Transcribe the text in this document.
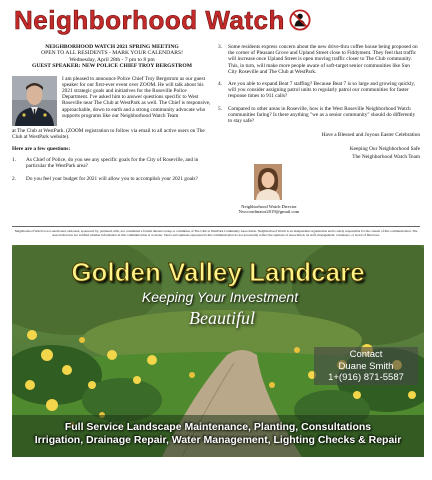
Neighborhood Watch
NEIGHBORHOOD WATCH 2021 SPRING MEETING
OPEN TO ALL RESIDENTS - MARK YOUR CALENDARS!
Wednesday, April 28th - 7 pm to 8 pm
GUEST SPEAKER: NEW POLICE CHIEF TROY BERGSTROM

I am pleased to announce Police Chief Troy Bergstrom as our guest speaker for our first-ever event over ZOOM. He will talk about his 2021 strategic goals and initiatives for the Roseville Police Department. I've asked him to answer questions specific to West Roseville near The Club at WestPark as well. The Chief is responsive, approachable, down to earth and a strong community advocate who supports programs like our Neighborhood Watch Team

at The Club at WestPark. (ZOOM registration to follow via email to all active users on The Club at WestPark website).

Here are a few questions:
1.	As Chief of Police, do you see any specific goals for the City of Roseville, and in particular the WestPark area?
2.	Do you feel your budget for 2021 will allow you to accomplish your 2021 goals?
3.	Some residents express concern about the new drive-thru coffee house being proposed on the corner of Pleasant Grove and Upland Street close to Fiddyment. They feel that traffic will increase once Upland Street is open moving traffic closer to The Club community. This, in turn, will make more people aware of soft-target senior communities like Sun City Roseville and The Club at WestPark.
4.	Are you able to expand Beat 7 staffing? Because Beat 7 is so large and growing quickly, will you consider assigning patrol units to regularly patrol our communities for faster response times to 911 calls?
5.	Compared to other areas in Roseville, how is the West Roseville Neighborhood Watch communities faring? Is there anything "we as a senior community" should do differently to stay safe?
Have a Blessed and Joyous Easter Celebration
Keeping Our Neighborhood Safe
The Neighborhood Watch Team
Neighborhood Watch Director
Nwcoordinator2019@gmail.com
Neighborhood Watch is not sanctioned, endorsed, sponsored by, partnered with, nor considered a formal interest Group or committee of The Club at WestPark Community Association. Neighborhood Watch is an independent organization and is solely responsible for the content of this communication. The Association has not verified whether information in this communication is accurate. Views and opinions expressed in this communication do not necessarily reflect the opinions of Association, its staff, management, volunteers, or board of Directors.
Golden Valley Landcare
Keeping Your Investment
Beautiful
Contact
Duane Smith
1+(916) 871-5587
Full Service Landscape Maintenance, Planting, Consultations
Irrigation, Drainage Repair, Water Management, Lighting Checks & Repair
